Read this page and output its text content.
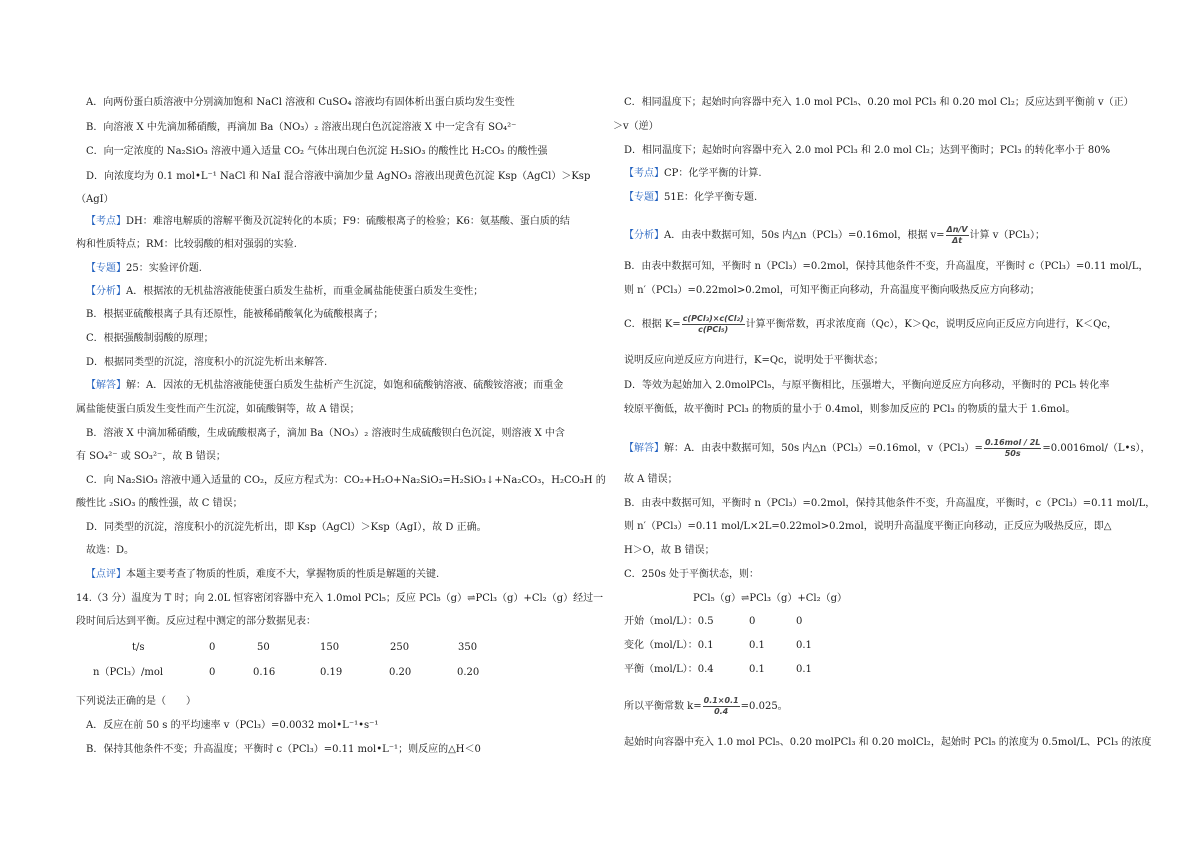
A．向两份蛋白质溶液中分别滴加饱和 NaCl 溶液和 CuSO₄ 溶液均有固体析出蛋白质均发生变性
B．向溶液 X 中先滴加稀硝酸，再滴加 Ba（NO₃）₂ 溶液出现白色沉淀溶液 X 中一定含有 SO₄²⁻
C．向一定浓度的 Na₂SiO₃ 溶液中通入适量 CO₂ 气体出现白色沉淀 H₂SiO₃ 的酸性比 H₂CO₃ 的酸性强
D．向浓度均为 0.1 mol•L⁻¹ NaCl 和 NaI 混合溶液中滴加少量 AgNO₃ 溶液出现黄色沉淀 Ksp（AgCl）＞Ksp
（AgI）
【考点】DH：难溶电解质的溶解平衡及沉淀转化的本质；F9：硫酸根离子的检验；K6：氨基酸、蛋白质的结
构和性质特点；RM：比较弱酸的相对强弱的实验.
【专题】25：实验评价题.
【分析】A．根据浓的无机盐溶液能使蛋白质发生盐析，而重金属盐能使蛋白质发生变性；
B．根据亚硫酸根离子具有还原性，能被稀硝酸氧化为硫酸根离子；
C．根据强酸制弱酸的原理；
D．根据同类型的沉淀，溶度积小的沉淀先析出来解答.
【解答】解：A．因浓的无机盐溶液能使蛋白质发生盐析产生沉淀，如饱和硫酸钠溶液、硫酸铵溶液；而重金
属盐能使蛋白质发生变性而产生沉淀，如硫酸铜等，故 A 错误；
B．溶液 X 中滴加稀硝酸，生成硫酸根离子，滴加 Ba（NO₃）₂ 溶液时生成硫酸钡白色沉淀，则溶液 X 中含
有 SO₄²⁻ 或 SO₃²⁻，故 B 错误；
C．向 Na₂SiO₃ 溶液中通入适量的 CO₂，反应方程式为：CO₂+H₂O+Na₂SiO₃=H₂SiO₃↓+Na₂CO₃，H₂CO₃H 的
酸性比 ₂SiO₃ 的酸性强，故 C 错误；
D．同类型的沉淀，溶度积小的沉淀先析出，即 Ksp（AgCl）＞Ksp（AgI），故 D 正确。
故选：D。
【点评】本题主要考查了物质的性质，难度不大，掌握物质的性质是解题的关键.
14.（3 分）温度为 T 时；向 2.0L 恒容密闭容器中充入 1.0mol PCl₅；反应 PCl₅（g）⇌PCl₃（g）+Cl₂（g）经过一
段时间后达到平衡。反应过程中测定的部分数据见表：
t/s	0	50	150	250	350
n（PCl₃）/mol	0	0.16	0.19	0.20	0.20
下列说法正确的是（　　）
A．反应在前 50 s 的平均速率 v（PCl₃）=0.0032 mol•L⁻¹•s⁻¹
B．保持其他条件不变；升高温度；平衡时 c（PCl₃）=0.11 mol•L⁻¹；则反应的△H＜0
C．相同温度下；起始时向容器中充入 1.0 mol PCl₅、0.20 mol PCl₃ 和 0.20 mol Cl₂；反应达到平衡前 v（正）
＞v（逆）
D．相同温度下；起始时向容器中充入 2.0 mol PCl₃ 和 2.0 mol Cl₂；达到平衡时；PCl₃ 的转化率小于 80%
【考点】CP：化学平衡的计算.
【专题】51E：化学平衡专题.
【分析】A．由表中数据可知，50s 内△n（PCl₃）=0.16mol，根据 $v= \frac{\Delta n/V}{\Delta t}$ 计算 v（PCl₃）；
B．由表中数据可知，平衡时 n（PCl₃）=0.2mol，保持其他条件不变，升高温度，平衡时 c（PCl₃）=0.11 mol/L，
则 n′（PCl₃）=0.22mol>0.2mol，可知平衡正向移动，升高温度平衡向吸热反应方向移动；
C．根据 $K= \frac{\text{c(PCl₃)×c(Cl₂)}}{\text{c(PCl₅)}}$ 计算平衡常数，再求浓度商（Qc），K＞Qc，说明反应向正反应方向进行，K＜Qc，
说明反应向逆反应方向进行，K=Qc，说明处于平衡状态；
D．等效为起始加入 2.0molPCl₅，与原平衡相比，压强增大，平衡向逆反应方向移动，平衡时的 PCl₅ 转化率
较原平衡低，故平衡时 PCl₃ 的物质的量小于 0.4mol，则参加反应的 PCl₃ 的物质的量大于 1.6mol。
【解答】解：A．由表中数据可知，50s 内△n（PCl₃）=0.16mol，$v(PCl_3)= \frac{\text{0.16mol / 2L}}{50s}$ =0.0016mol/（L•s），
故 A 错误；
B．由表中数据可知，平衡时 n（PCl₃）=0.2mol，保持其他条件不变，升高温度，平衡时，c（PCl₃）=0.11 mol/L，
则 n′（PCl₃）=0.11 mol/L×2L=0.22mol>0.2mol，说明升高温度平衡正向移动，正反应为吸热反应，即△
H＞O，故 B 错误；
C．250s 处于平衡状态，则：
PCl₅（g）⇌PCl₃（g）+Cl₂（g）
开始（mol/L）：0.5	0	0
变化（mol/L）：0.1	0.1	0.1
平衡（mol/L）：0.4	0.1	0.1
所以平衡常数 $k= \frac{0.1\times 0.1}{0.4} =0.025$。
起始时向容器中充入 1.0 mol PCl₅、0.20 molPCl₃ 和 0.20 molCl₂，起始时 PCl₅ 的浓度为 0.5mol/L、PCl₃ 的浓度
